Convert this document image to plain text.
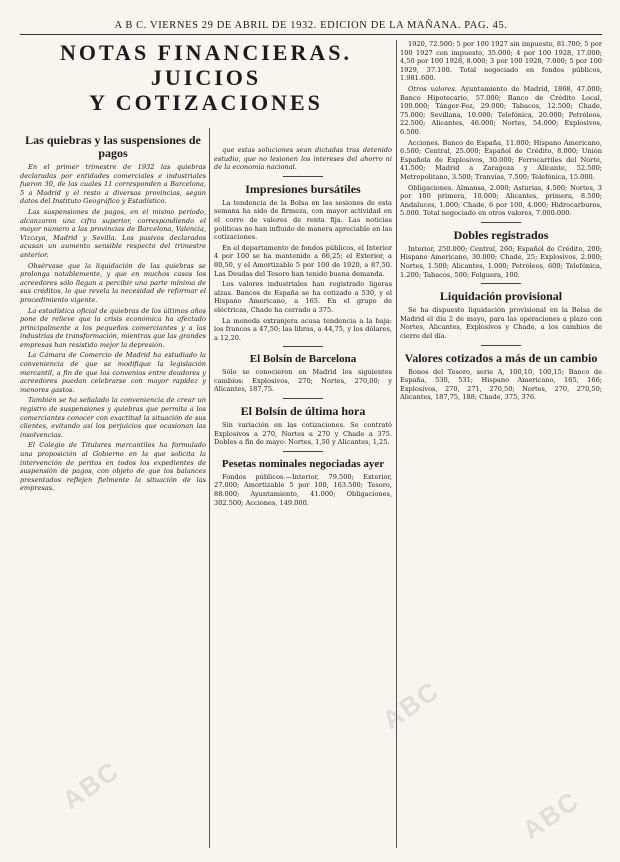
A B C. VIERNES 29 DE ABRIL DE 1932. EDICION DE LA MAÑANA. PAG. 45.
NOTAS FINANCIERAS. JUICIOS
Y COTIZACIONES
Las quiebras y las suspensiones de pagos

En el primer trimestre de 1932 las quiebras declaradas por entidades comerciales e industriales fueron 30, de las cuales 11 corresponden a Barcelona, 5 a Madrid y el resto a diversas provincias, según datos del Instituto Geográfico y Estadístico.

Las suspensiones de pagos, en el mismo período, alcanzaron una cifra superior, correspondiendo el mayor número a las provincias de Barcelona, Valencia, Vizcaya, Madrid y Sevilla. Los pasivos declarados acusan un aumento sensible respecto del trimestre anterior.

Obsérvase que la liquidación de las quiebras se prolonga notablemente, y que en muchos casos los acreedores sólo llegan a percibir una parte mínima de sus créditos, lo que revela la necesidad de reformar el procedimiento vigente.

La estadística oficial de quiebras de los últimos años pone de relieve que la crisis económica ha afectado principalmente a los pequeños comerciantes y a las industrias de transformación, mientras que las grandes empresas han resistido mejor la depresión.

La Cámara de Comercio de Madrid ha estudiado la conveniencia de que se modifique la legislación mercantil, a fin de que los convenios entre deudores y acreedores puedan celebrarse con mayor rapidez y menores gastos.

También se ha señalado la conveniencia de crear un registro de suspensiones y quiebras que permita a los comerciantes conocer con exactitud la situación de sus clientes, evitando así los perjuicios que ocasionan las insolvencias.

El Colegio de Titulares mercantiles ha formulado una proposición al Gobierno en la que solicita la intervención de peritos en todos los expedientes de suspensión de pagos, con objeto de que los balances presentados reflejen fielmente la situación de las empresas.

que estas soluciones sean dictadas tras detenido estudio, que no lesionen los intereses del ahorro ni de la economía nacional.

Impresiones bursátiles

La tendencia de la Bolsa en las sesiones de esta semana ha sido de firmeza, con mayor actividad en el corro de valores de renta fija. Las noticias políticas no han influido de manera apreciable en las cotizaciones.

En el departamento de fondos públicos, el Interior 4 por 100 se ha mantenido a 66,25; el Exterior, a 80,50, y el Amortizable 5 por 100 de 1920, a 87,50. Las Deudas del Tesoro han tenido buena demanda.

Los valores industriales han registrado ligeras alzas. Bancos de España se ha cotizado a 530, y el Hispano Americano, a 165. En el grupo de eléctricas, Chade ha cerrado a 375.

La moneda extranjera acusa tendencia a la baja: los francos a 47,50; las libras, a 44,75, y los dólares, a 12,20.

El Bolsín de Barcelona

Sólo se conocieron en Madrid los siguientes cambios: Explosivos, 270; Nortes, 270,00; y Alicantes, 187,75.

El Bolsín de última hora

Sin variación en las cotizaciones. Se contrató Explosivos a 270, Nortes a 270 y Chade a 375. Dobles a fin de mayo: Nortes, 1,50 y Alicantes, 1,25.

Pesetas nominales negociadas ayer

Fondos públicos.—Interior, 79.500; Exterior, 27.000; Amortizable 5 por 100, 163.500; Tesoro, 88.000; Ayuntamiento, 41.000; Obligaciones, 302.500; Acciones, 149.000.

1920, 72.500; 5 por 100 1927 sin impuesto, 81.700; 5 por 100 1927 con impuesto, 35.000; 4 por 100 1928, 17.000; 4,50 por 100 1928, 8.000; 3 por 100 1928, 7.000; 5 por 100 1929, 37.100. Total negociado en fondos públicos, 1.981.600.

Otros valores. Ayuntamiento de Madrid, 1868, 47.000; Banco Hipotecario, 57.000; Banco de Crédito Local, 100.000; Tánger-Fez, 29.000; Tabacos, 12.500; Chade, 75.000; Sevillana, 10.000; Telefónica, 20.000; Petróleos, 22.500; Alicantes, 46.000; Nortes, 54.000; Explosivos, 6.500.

Acciones. Banco de España, 11.000; Hispano Americano, 6.500; Central, 25.000; Español de Crédito, 8.000; Unión Española de Explosivos, 30.000; Ferrocarriles del Norte, 41.500; Madrid a Zaragoza y Alicante, 52.500; Metropolitano, 3.500; Tranvías, 7.500; Telefónica, 15.000.

Obligaciones. Almansa, 2.000; Asturias, 4.500; Nortes, 3 por 100 primera, 10.000; Alicantes, primera, 8.500; Andaluces, 1.000; Chade, 6 por 100, 4.000; Hidrocarburos, 5.000. Total negociado en otros valores, 7.000.000.

Dobles registrados

Interior, 250.000; Central, 260; Español de Crédito, 200; Hispano Americano, 30.000; Chade, 25; Explosivos, 2.000; Nortes, 1.500; Alicantes, 1.000; Petróleos, 600; Telefónica, 1.200; Tabacos, 500; Felguera, 100.

Liquidación provisional

Se ha dispuesto liquidación provisional en la Bolsa de Madrid el día 2 de mayo, para las operaciones a plazo con Nortes, Alicantes, Explosivos y Chade, a los cambios de cierre del día.

Valores cotizados a más de un cambio

Bonos del Tesoro, serie A, 100,10, 100,15; Banco de España, 530, 531; Hispano Americano, 165, 166; Explosivos, 270, 271, 270,50; Nortes, 270, 270,50; Alicantes, 187,75, 188; Chade, 375, 376.

ABC
ABC	ABC
